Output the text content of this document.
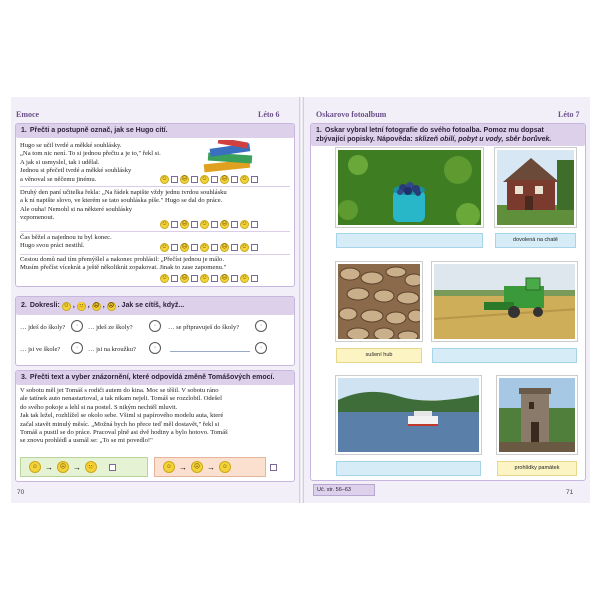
Emoce	Léto 6
1. Přečti a postupně označ, jak se Hugo cítí.
Hugo se učil tvrdé a měkké souhlásky.
„Na tom nic není. To si jednou přečtu a je to," řekl si.
A jak si usmyslel, tak i udělal.
Jednou si přečetl tvrdé a měkké souhlásky
a věnoval se něčemu jinému.	☺ ☹ ☺ ☹ ☺
Druhý den paní učitelka řekla: „Na řádek napište vždy jednu tvrdou souhlásku
a k ní napište slovo, ve kterém se tato souhláska píše." Hugo se dal do práce.
Ale ouha! Nemohl si na některé souhlásky
vzpomenout.
☺ ☹ ☺ ☹ ☺
Čas běžel a najednou tu byl konec.
Hugo svou práci nestihl.	☺ ☹ ☺ ☹ ☺
Cestou domů nad tím přemýšlel a nakonec prohlásil: „Přečíst jednou je málo.
Musím přečíst vícekrát a ještě několikrát zopakovat. Jinak to zase zapomenu."
☺ ☹ ☺ ☹ ☺
2. Dokresli: ☺ , 😐 , ☹ , ☹ . Jak se cítíš, když...
… jdeš do školy?	·	… jdeš ze školy?	·	… se připravuješ do školy?	·
… jsi ve škole?	·	… jsi na kroužku?	·	·
3. Přečti text a vyber znázornění, které odpovídá změně Tomášových emocí.
V sobotu měl jet Tomáš s rodiči autem do kina. Moc se těšil. V sobotu ráno
ale tatínek auto nenastartoval, a tak nikam nejeli. Tomáš se rozzlobil. Odešel
do svého pokoje a lehl si na postel. S nikým nechtěl mluvit.
Jak tak ležel, rozhlížel se okolo sebe. Všiml si papírového modelu auta, které
začal stavět minulý měsíc. „Možná bych ho přece teď měl dostavět," řekl si
Tomáš a pustil se do práce. Pracoval plně asi dvě hodiny a bylo hotovo. Tomáš
se znovu prohlédl a usmál se: „To se mi povedlo!"
☺ →	☹ →	😐	☺ →	☹ →	☺
70
Oskarovo fotoalbum	Léto 7
1. Oskar vybral letní fotografie do svého fotoalba. Pomoz mu dopsat
zbývající popisky. Nápověda: sklizeň obilí, pobyt u vody, sběr borůvek.
dovolená na chatě
sušení hub
prohlídky památek
Uč. str. 56–63	71
